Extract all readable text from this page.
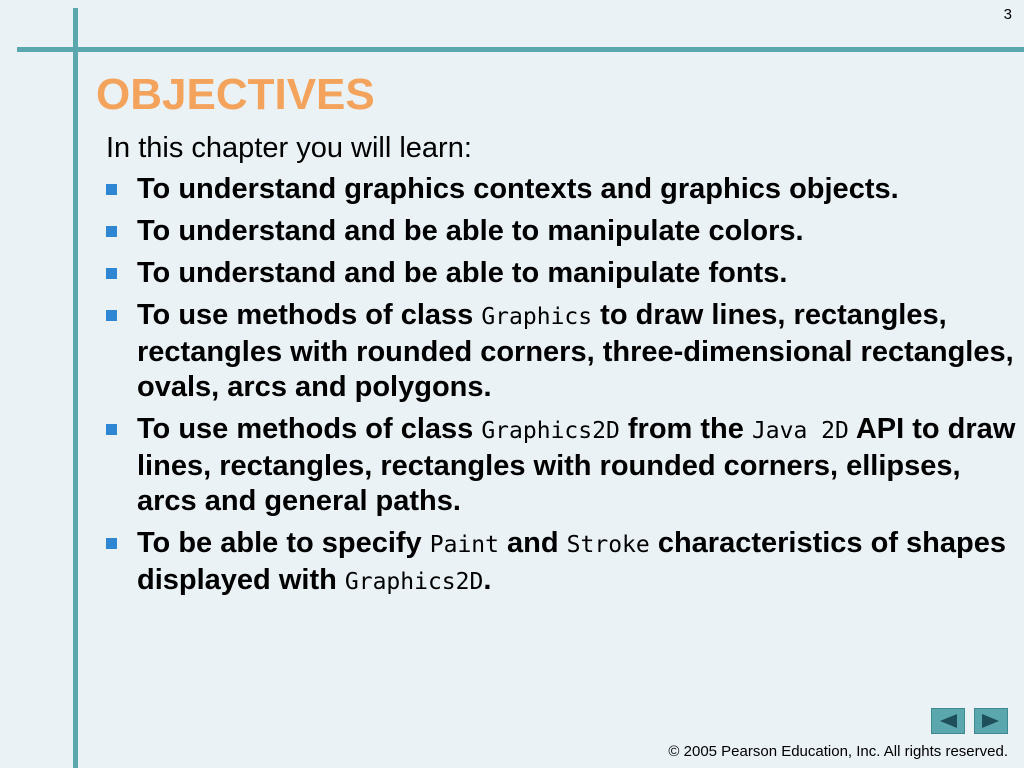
3
OBJECTIVES

In this chapter you will learn:

To understand graphics contexts and graphics objects.
To understand and be able to manipulate colors.
To understand and be able to manipulate fonts.
To use methods of class Graphics to draw lines, rectangles, rectangles with rounded corners, three-dimensional rectangles, ovals, arcs and polygons.
To use methods of class Graphics2D from the Java 2D API to draw lines, rectangles, rectangles with rounded corners, ellipses, arcs and general paths.
To be able to specify Paint and Stroke characteristics of shapes displayed with Graphics2D.
© 2005 Pearson Education, Inc. All rights reserved.
